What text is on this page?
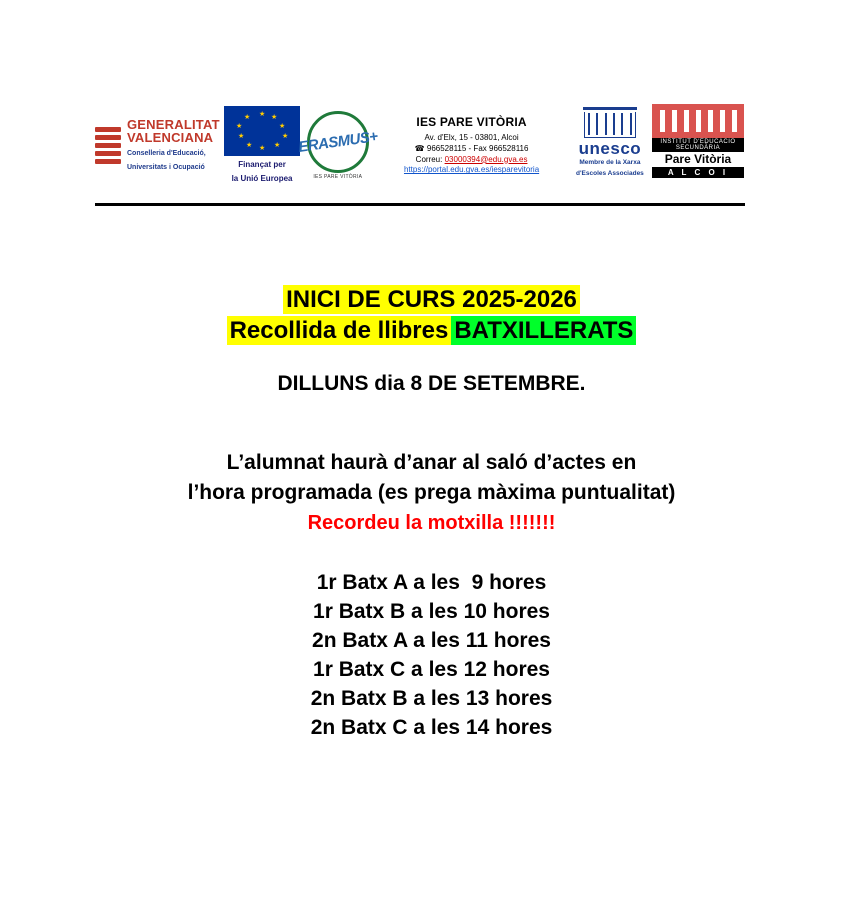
GENERALITAT
VALENCIANA
Conselleria d'Educació,
Universitats i Ocupació
★ ★
★
★
★
★
★
★
★
★
Finançat per
la Unió Europea
ERASMUS+
IES PARE VITÒRIA
IES PARE VITÒRIA
Av. d'Elx, 15 - 03801, Alcoi
☎ 966528115 - Fax 966528116
Correu: 03000394@edu.gva.es
https://portal.edu.gva.es/iesparevitoria
unesco
Membre de la Xarxa
d'Escoles Associades
INSTITUT D'EDUCACIÓ SECUNDÀRIA
Pare Vitòria
A L C O I
INICI DE CURS 2025-2026
Recollida de llibres BATXILLERATS
DILLUNS dia 8 DE SETEMBRE.
L’alumnat haurà d’anar al saló d’actes en
l’hora programada (es prega màxima puntualitat)
Recordeu la motxilla !!!!!!!
1r Batx A a les  9 hores
1r Batx B a les 10 hores
2n Batx A a les 11 hores
1r Batx C a les 12 hores
2n Batx B a les 13 hores
2n Batx C a les 14 hores
